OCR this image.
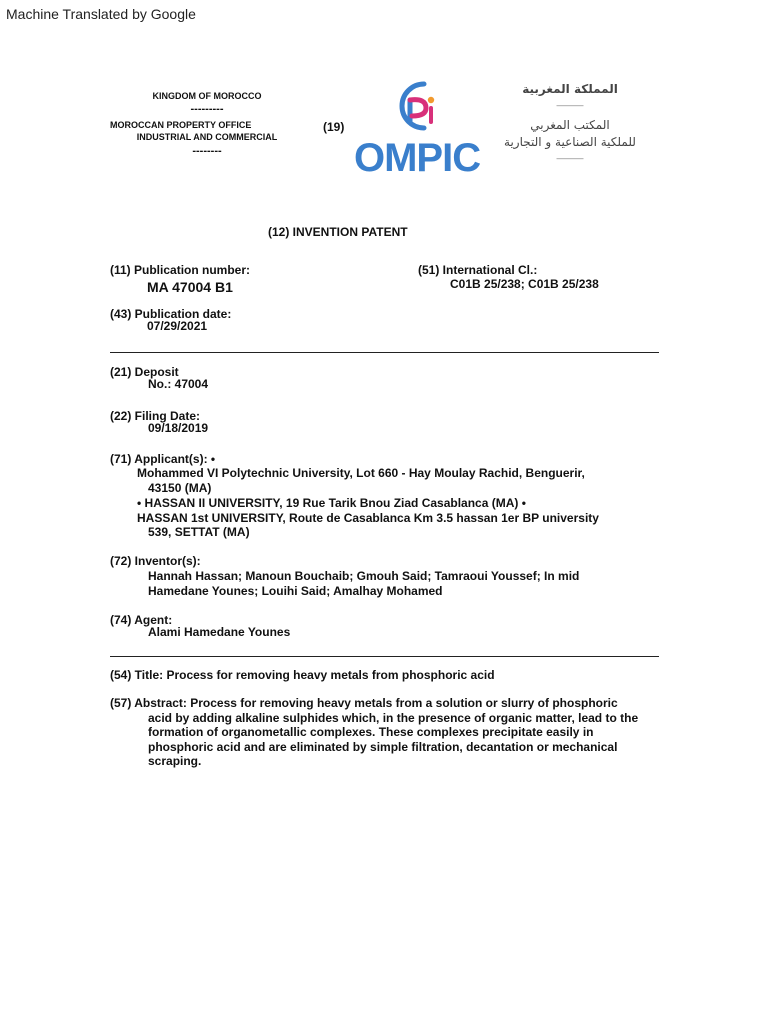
Machine Translated by Google
KINGDOM OF MOROCCO
---------
MOROCCAN PROPERTY OFFICE
INDUSTRIAL AND COMMERCIAL
--------
(19)
OMPIC
المملكة المغربية
———
المكتب المغربي
للملكية الصناعية و التجارية
———
(12) INVENTION PATENT
(11) Publication number:
MA 47004 B1
(51) International Cl.:
C01B 25/238; C01B 25/238
(43) Publication date:
07/29/2021
(21) Deposit
No.: 47004
(22) Filing Date:
09/18/2019
(71) Applicant(s): •
Mohammed VI Polytechnic University, Lot 660 - Hay Moulay Rachid, Benguerir,
43150 (MA)
• HASSAN II UNIVERSITY, 19 Rue Tarik Bnou Ziad Casablanca (MA) •
HASSAN 1st UNIVERSITY, Route de Casablanca Km 3.5 hassan 1er BP university
539, SETTAT (MA)
(72) Inventor(s):
Hannah Hassan; Manoun Bouchaib; Gmouh Said; Tamraoui Youssef; In mid
Hamedane Younes; Louihi Said; Amalhay Mohamed
(74) Agent:
Alami Hamedane Younes
(54) Title: Process for removing heavy metals from phosphoric acid
(57) Abstract: Process for removing heavy metals from a solution or slurry of phosphoric
acid by adding alkaline sulphides which, in the presence of organic matter, lead to the
formation of organometallic complexes. These complexes precipitate easily in
phosphoric acid and are eliminated by simple filtration, decantation or mechanical
scraping.
